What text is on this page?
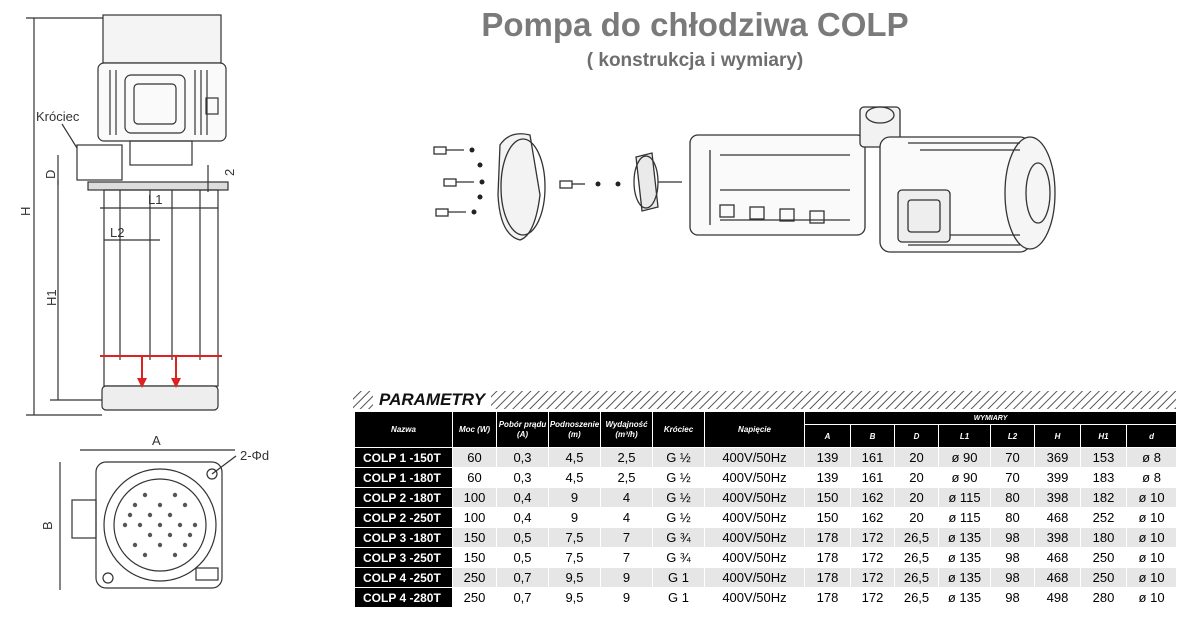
Pompa do chłodziwa COLP
( konstrukcja i wymiary)
Króciec
H
H1
D	2
L1
L2
A
B
2-Φd
PARAMETRY
Nazwa	Moc (W)	Pobór prądu (A)	Podnoszenie (m)	Wydajność (m³/h)	Króciec	Napięcie	WYMIARY							
							A	B	D	L1	L2	H	H1	d
COLP 1 -150T	60	0,3	4,5	2,5	G ½	400V/50Hz	139	161	20	ø 90	70	369	153	ø 8
COLP 1 -180T	60	0,3	4,5	2,5	G ½	400V/50Hz	139	161	20	ø 90	70	399	183	ø 8
COLP 2 -180T	100	0,4	9	4	G ½	400V/50Hz	150	162	20	ø 115	80	398	182	ø 10
COLP 2 -250T	100	0,4	9	4	G ½	400V/50Hz	150	162	20	ø 115	80	468	252	ø 10
COLP 3 -180T	150	0,5	7,5	7	G ¾	400V/50Hz	178	172	26,5	ø 135	98	398	180	ø 10
COLP 3 -250T	150	0,5	7,5	7	G ¾	400V/50Hz	178	172	26,5	ø 135	98	468	250	ø 10
COLP 4 -250T	250	0,7	9,5	9	G 1	400V/50Hz	178	172	26,5	ø 135	98	468	250	ø 10
COLP 4 -280T	250	0,7	9,5	9	G 1	400V/50Hz	178	172	26,5	ø 135	98	498	280	ø 10
